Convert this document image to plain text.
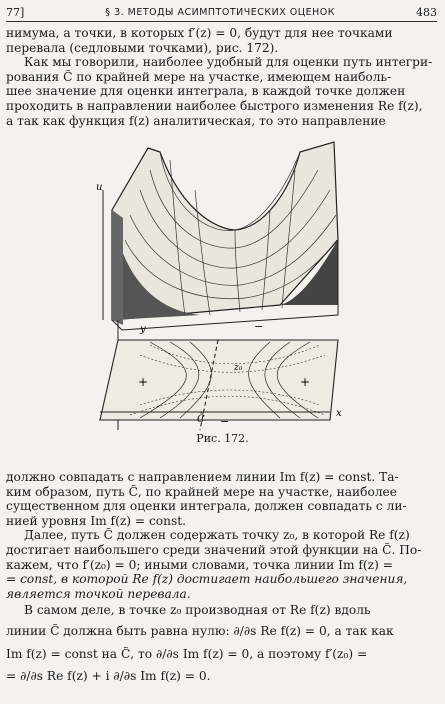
77]	§ 3. МЕТОДЫ АСИМПТОТИЧЕСКИХ ОЦЕНОК	483

нимума, а точки, в которых f′(z) = 0, будут для нее точками

перевала (седловыми точками), рис. 172).

Как мы говорили, наиболее удобный для оценки путь интегри-

рования C̃ по крайней мере на участке, имеющем наиболь-

шее значение для оценки интеграла, в каждой точке должен

проходить в направлении наиболее быстрого изменения Re f(z),

а так как функция f(z) аналитическая, то это направление

u
y	−
+	+
z₀
−
x
C̃
Рис. 172.

должно совпадать с направлением линии Im f(z) = const. Та-

ким образом, путь C̃, по крайней мере на участке, наиболее

существенном для оценки интеграла, должен совпадать с ли-

нией уровня Im f(z) = const.

Далее, путь C̃ должен содержать точку z₀, в которой Re f(z)

достигает наибольшего среди значений этой функции на C̃. По-

кажем, что f′(z₀) = 0; иными словами, точка линии Im f(z) =

= const, в которой Re f(z) достигает наибольшего значения,

является точкой перевала.

В самом деле, в точке z₀ производная от Re f(z) вдоль

линии C̃ должна быть равна нулю: ∂/∂s Re f(z) = 0, а так как

Im f(z) = const на C̃, то ∂/∂s Im f(z) = 0, а поэтому f′(z₀) =

= ∂/∂s Re f(z) + i ∂/∂s Im f(z) = 0.
